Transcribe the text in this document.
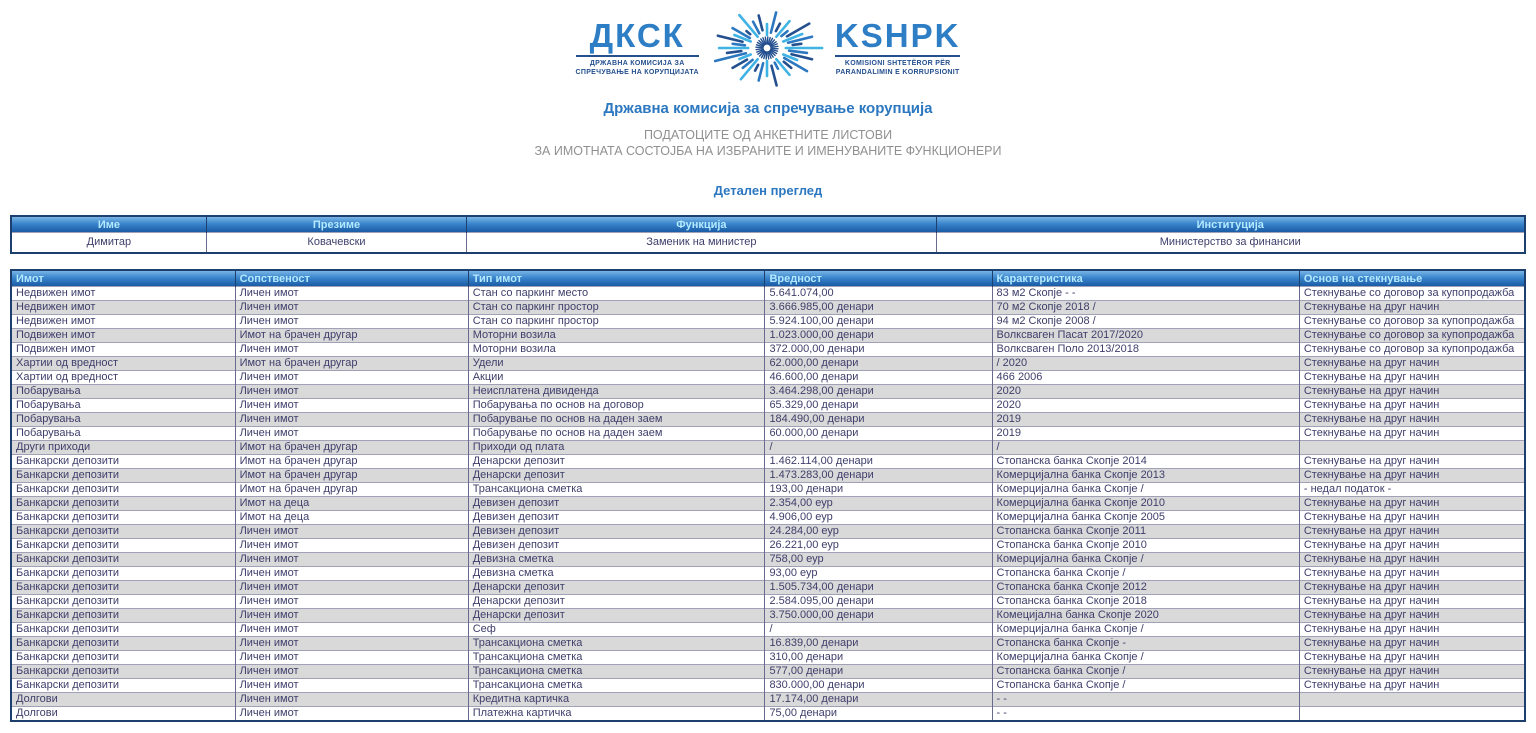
ДКСК
ДРЖАВНА КОМИСИЈА ЗА
СПРЕЧУВАЊЕ НА КОРУПЦИЈАТА
KSHPK
KOMISIONI SHTETËROR PËR
PARANDALIMIN E KORRUPSIONIT
Државна комисија за спречување корупција
ПОДАТОЦИТЕ ОД АНКЕТНИТЕ ЛИСТОВИ
ЗА ИМОТНАТА СОСТОЈБА НА ИЗБРАНИТЕ И ИМЕНУВАНИТЕ ФУНКЦИОНЕРИ
Детален преглед
Име	Презиме	Функција	Институција
Димитар	Ковачевски	Заменик на министер	Министерство за финансии
Имот	Сопственост	Тип имот	Вредност	Карактеристика	Основ на стекнување
Недвижен имот	Личен имот	Стан со паркинг место	5.641.074,00	83 м2 Скопје - -	Стекнување со договор за купопродажба
Недвижен имот	Личен имот	Стан со паркинг простор	3.666.985,00 денари	70 м2 Скопје 2018 /	Стекнување на друг начин
Недвижен имот	Личен имот	Стан со паркинг простор	5.924.100,00 денари	94 м2 Скопје 2008 /	Стекнување со договор за купопродажба
Подвижен имот	Имот на брачен другар	Моторни возила	1.023.000,00 денари	Волксваген Пасат 2017/2020	Стекнување со договор за купопродажба
Подвижен имот	Личен имот	Моторни возила	372.000,00 денари	Волксваген Поло 2013/2018	Стекнување со договор за купопродажба
Хартии од вредност	Имот на брачен другар	Удели	62.000,00 денари	/ 2020	Стекнување на друг начин
Хартии од вредност	Личен имот	Акции	46.600,00 денари	466 2006	Стекнување на друг начин
Побарувања	Личен имот	Неисплатена дивиденда	3.464.298,00 денари	2020	Стекнување на друг начин
Побарувања	Личен имот	Побарувања по основ на договор	65.329,00 денари	2020	Стекнување на друг начин
Побарувања	Личен имот	Побарување по основ на даден заем	184.490,00 денари	2019	Стекнување на друг начин
Побарувања	Личен имот	Побарување по основ на даден заем	60.000,00 денари	2019	Стекнување на друг начин
Други приходи	Имот на брачен другар	Приходи од плата	/	/	
Банкарски депозити	Имот на брачен другар	Денарски депозит	1.462.114,00 денари	Стопанска банка Скопје 2014	Стекнување на друг начин
Банкарски депозити	Имот на брачен другар	Денарски депозит	1.473.283,00 денари	Комерцијална банка Скопје 2013	Стекнување на друг начин
Банкарски депозити	Имот на брачен другар	Трансакциона сметка	193,00 денари	Комерцијална банка Скопје /	- недал податок -
Банкарски депозити	Имот на деца	Девизен депозит	2.354,00 еур	Комерцијална банка Скопје 2010	Стекнување на друг начин
Банкарски депозити	Имот на деца	Девизен депозит	4.906,00 еур	Комерцијална банка Скопје 2005	Стекнување на друг начин
Банкарски депозити	Личен имот	Девизен депозит	24.284,00 еур	Стопанска банка Скопје 2011	Стекнување на друг начин
Банкарски депозити	Личен имот	Девизен депозит	26.221,00 еур	Стопанска банка Скопје 2010	Стекнување на друг начин
Банкарски депозити	Личен имот	Девизна сметка	758,00 еур	Комерцијална банка Скопје /	Стекнување на друг начин
Банкарски депозити	Личен имот	Девизна сметка	93,00 еур	Стопанска банка Скопје /	Стекнување на друг начин
Банкарски депозити	Личен имот	Денарски депозит	1.505.734,00 денари	Стопанска банка Скопје 2012	Стекнување на друг начин
Банкарски депозити	Личен имот	Денарски депозит	2.584.095,00 денари	Стопанска банка Скопје 2018	Стекнување на друг начин
Банкарски депозити	Личен имот	Денарски депозит	3.750.000,00 денари	Комецијална банка Скопје 2020	Стекнување на друг начин
Банкарски депозити	Личен имот	Сеф	/	Комерцијална банка Скопје /	Стекнување на друг начин
Банкарски депозити	Личен имот	Трансакциона сметка	16.839,00 денари	Стопанска банка Скопје -	Стекнување на друг начин
Банкарски депозити	Личен имот	Трансакциона сметка	310,00 денари	Комерцијална банка Скопје /	Стекнување на друг начин
Банкарски депозити	Личен имот	Трансакциона сметка	577,00 денари	Стопанска банка Скопје /	Стекнување на друг начин
Банкарски депозити	Личен имот	Трансакциона сметка	830.000,00 денари	Стопанска банка Скопје /	Стекнување на друг начин
Долгови	Личен имот	Кредитна картичка	17.174,00 денари	- -	
Долгови	Личен имот	Платежна картичка	75,00 денари	- -	
